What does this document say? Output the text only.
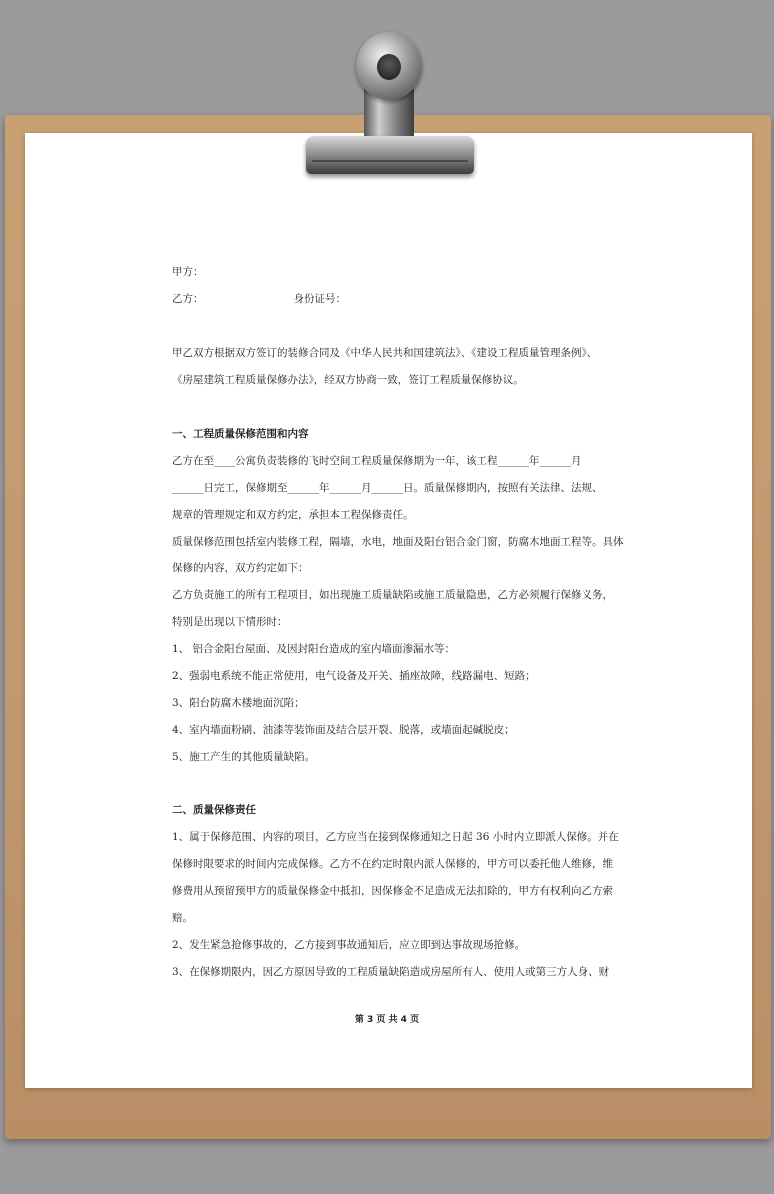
甲方：

乙方：	身份证号：

甲乙双方根据双方签订的装修合同及《中华人民共和国建筑法》、《建设工程质量管理条例》、

《房屋建筑工程质量保修办法》，经双方协商一致，签订工程质量保修协议。

一、工程质量保修范围和内容

乙方在至____公寓负责装修的飞时空间工程质量保修期为一年，该工程______年______月

______日完工，保修期至______年______月______日。质量保修期内，按照有关法律、法规、

规章的管理规定和双方约定，承担本工程保修责任。

质量保修范围包括室内装修工程，隔墙，水电，地面及阳台铝合金门窗，防腐木地面工程等。具体

保修的内容，双方约定如下：

乙方负责施工的所有工程项目，如出现施工质量缺陷或施工质量隐患，乙方必须履行保修义务，

特别是出现以下情形时：

1、 铝合金阳台屋面、及因封阳台造成的室内墙面渗漏水等：

2、强弱电系统不能正常使用，电气设备及开关、插座故障，线路漏电、短路；

3、阳台防腐木楼地面沉陷；

4、室内墙面粉刷、油漆等装饰面及结合层开裂、脱落，或墙面起碱脱皮；

5、施工产生的其他质量缺陷。

二、质量保修责任

1、属于保修范围、内容的项目，乙方应当在接到保修通知之日起 36 小时内立即派人保修。并在

保修时限要求的时间内完成保修。乙方不在约定时限内派人保修的，甲方可以委托他人维修，维

修费用从预留预甲方的质量保修金中抵扣，因保修金不足造成无法扣除的，甲方有权利向乙方索

赔。

2、发生紧急抢修事故的，乙方接到事故通知后，应立即到达事故现场抢修。

3、在保修期限内，因乙方原因导致的工程质量缺陷造成房屋所有人、使用人或第三方人身、财

第 3 页 共 4 页
